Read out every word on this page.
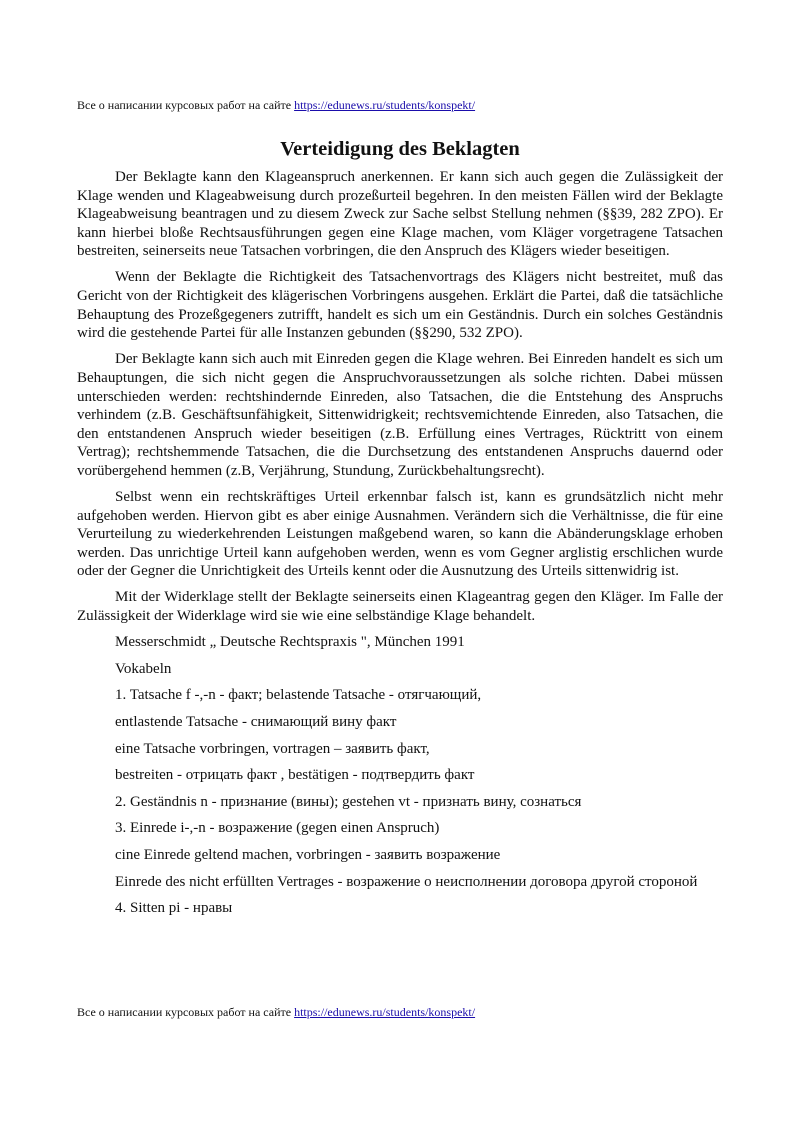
Все о написании курсовых работ на сайте https://edunews.ru/students/konspekt/
Verteidigung des Beklagten

Der Beklagte kann den Klageanspruch anerkennen. Er kann sich auch gegen die Zulässigkeit der Klage wenden und Klageabweisung durch prozeßurteil begehren. In den meisten Fällen wird der Beklagte Klageabweisung beantragen und zu diesem Zweck zur Sache selbst Stellung nehmen (§§39, 282 ZPO). Er kann hierbei bloße Rechtsausführungen gegen eine Klage machen, vom Kläger vorgetragene Tatsachen bestreiten, seinerseits neue Tatsachen vorbringen, die den Anspruch des Klägers wieder beseitigen.

Wenn der Beklagte die Richtigkeit des Tatsachenvortrags des Klägers nicht bestreitet, muß das Gericht von der Richtigkeit des klägerischen Vorbringens ausgehen. Erklärt die Partei, daß die tatsächliche Behauptung des Prozeßgegeners zutrifft, handelt es sich um ein Geständnis. Durch ein solches Geständnis wird die gestehende Partei für alle Instanzen gebunden (§§290, 532 ZPO).

Der Beklagte kann sich auch mit Einreden gegen die Klage wehren. Bei Einreden handelt es sich um Behauptungen, die sich nicht gegen die Anspruchvoraussetzungen als solche richten. Dabei müssen unterschieden werden: rechtshindernde Einreden, also Tatsachen, die die Entstehung des Anspruchs verhindem (z.B. Geschäftsunfähigkeit, Sittenwidrigkeit; rechtsvemichtende Einreden, also Tatsachen, die den entstandenen Anspruch wieder beseitigen (z.B. Erfüllung eines Vertrages, Rücktritt von einem Vertrag); rechtshemmende Tatsachen, die die Durchsetzung des entstandenen Anspruchs dauernd oder vorübergehend hemmen (z.B, Verjährung, Stundung, Zurückbehaltungsrecht).

Selbst wenn ein rechtskräftiges Urteil erkennbar falsch ist, kann es grundsätzlich nicht mehr aufgehoben werden. Hiervon gibt es aber einige Ausnahmen. Verändern sich die Verhältnisse, die für eine Verurteilung zu wiederkehrenden Leistungen maßgebend waren, so kann die Abänderungsklage erhoben werden. Das unrichtige Urteil kann aufgehoben werden, wenn es vom Gegner arglistig erschlichen wurde oder der Gegner die Unrichtigkeit des Urteils kennt oder die Ausnutzung des Urteils sittenwidrig ist.

Mit der Widerklage stellt der Beklagte seinerseits einen Klageantrag gegen den Kläger. Im Falle der Zulässigkeit der Widerklage wird sie wie eine selbständige Klage behandelt.

Messerschmidt „ Deutsche Rechtspraxis ", München 1991

Vokabeln

1. Tatsache f -,-n - факт; belastende Tatsache - отягчающий,

entlastende Tatsache - снимающий вину факт

eine Tatsache vorbringen, vortragen – заявить факт,

bestreiten - отрицать факт , bestätigen - подтвердить факт

2. Geständnis n - признание (вины); gestehen vt - признать вину, сознаться

3. Einrede i-,-n - возражение (gegen einen Anspruch)

cine Einrede geltend machen, vorbringen - заявить возражение

Einrede des nicht erfüllten Vertrages - возражение о неисполнении договора другой стороной

4. Sitten pi - нравы

Все о написании курсовых работ на сайте https://edunews.ru/students/konspekt/
